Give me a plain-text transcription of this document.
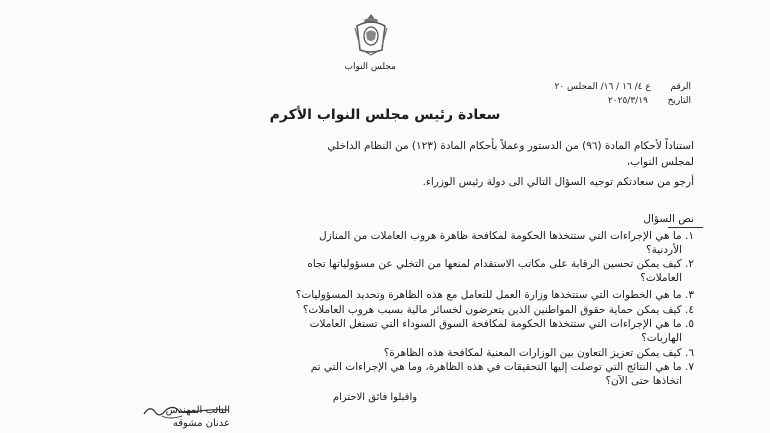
مجلس النواب
الرقم  ع ٤/ ١٦ / ١٦/ المجلس ٢٠
التاريخ  ٢٠٢٥/٣/١٩
سعادة رئيس مجلس النواب الأكرم
استناداً لأحكام المادة (٩٦) من الدستور وعملاً بأحكام المادة (١٢٣) من النظام الداخلي
لمجلس النواب،
أرجو من سعادتكم توجيه السؤال التالي الى دولة رئيس الوزراء.
نص السؤال
١. ما هي الإجراءات التي ستتخذها الحكومة لمكافحة ظاهرة هروب العاملات من المنازل
الأردنية؟
٢. كيف يمكن تحسين الرقابة على مكاتب الاستقدام لمنعها من التخلي عن مسؤولياتها تجاه
العاملات؟
٣. ما هي الخطوات التي ستتخذها وزارة العمل للتعامل مع هذه الظاهرة وتحديد المسؤوليات؟
٤. كيف يمكن حماية حقوق المواطنين الذين يتعرضون لخسائر مالية بسبب هروب العاملات؟
٥. ما هي الإجراءات التي ستتخذها الحكومة لمكافحة السوق السوداء التي تستغل العاملات
الهاربات؟
٦. كيف يمكن تعزيز التعاون بين الوزارات المعنية لمكافحة هذه الظاهرة؟
٧. ما هي النتائج التي توصلت إليها التحقيقات في هذه الظاهرة، وما هي الإجراءات التي تم
اتخاذها حتى الآن؟
واقبلوا فائق الاحترام
النائب المهندس
عدنان مشوقه
